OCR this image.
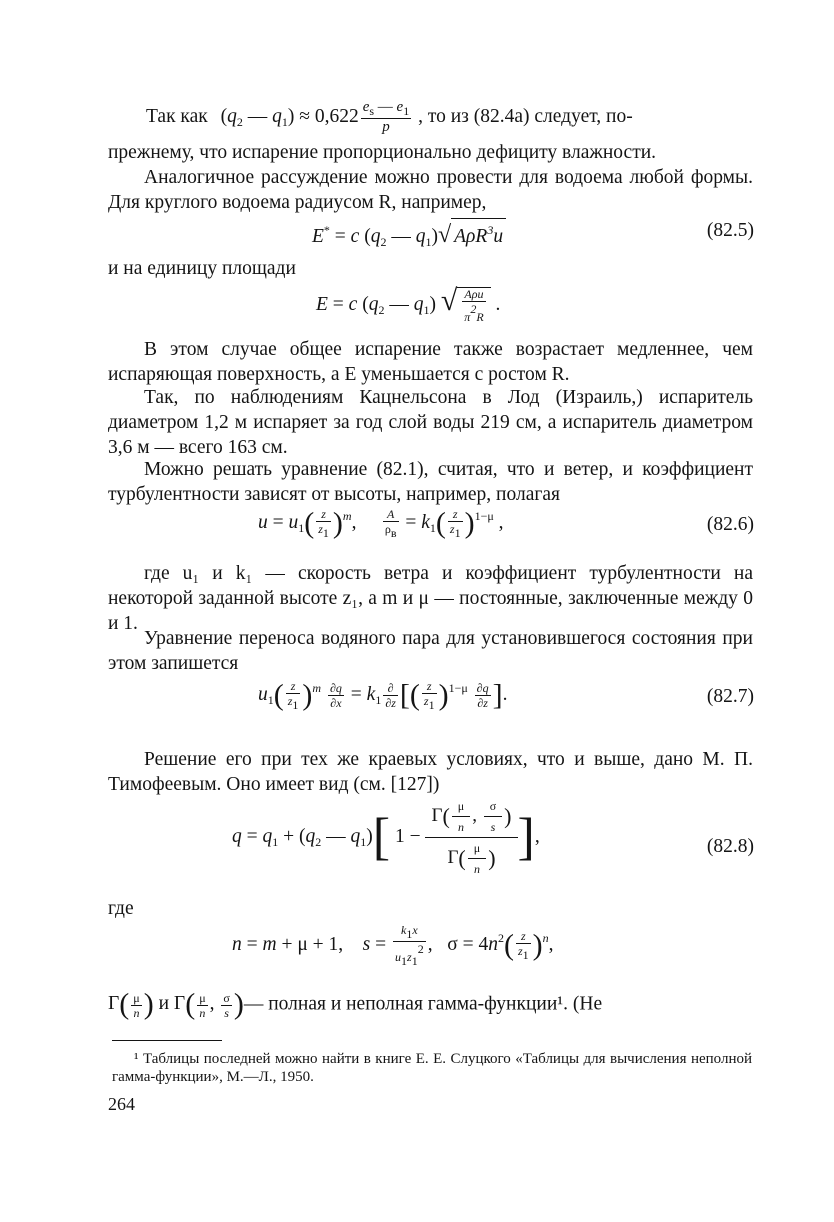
Так как ($q_2$ — $q_1) \approx 0,622 \frac{e_s — e_1}{p}$ , то из (82.4а) следует, по-
прежнему, что испарение пропорционально дефициту влажности.

Аналогичное рассуждение можно провести для водоема любой формы. Для круглого водоема радиусом R, например,

E* = c ($q_2$ — $q_1)√$ AρR$^3$u	(82.5)
и на единицу площади
E = c ($q_2$ — $q_1$) √ $\frac{\text{Aρu}}{\pi 2R}$ .

В этом случае общее испарение также возрастает медленнее, чем испаряющая поверхность, а E уменьшается с ростом R.

Так, по наблюдениям Кацнельсона в Лод (Израиль,) испаритель диаметром 1,2 м испаряет за год слой воды 219 см, а испаритель диаметром 3,6 м — всего 163 см.

Можно решать уравнение (82.1), считая, что и ветер, и коэффициент турбулентности зависят от высоты, например, полагая

$u = u_1( \frac{z}{z1} )^m$, $\frac{A}{\rho в} = k_1( \frac{z}{z1} )^{1-\mu}$ ,	(82.6)

где u₁ и k₁ — скорость ветра и коэффициент турбулентности на некоторой заданной высоте z₁, а m и μ — постоянные, заключенные между 0 и 1.

Уравнение переноса водяного пара для установившегося состояния при этом запишется

$u_1( \frac{z}{z1} )^m \frac{\partial q}{\partial x} = k_1 \frac{\partial}{\partial z}$ [( $\frac{z}{z1} )^{1-\mu} \frac{\partial q}{\partial z}$ ].	(82.7)

Решение его при тех же краевых условиях, что и выше, дано М. П. Тимофеевым. Оно имеет вид (см. [127])

$q = q_1 + (q_2$ — $q_1$)[ $1 - \frac{\Gamma( \frac{\mu}{n} , \frac{\sigma}{s} )}{\Gamma( \frac{\mu}{n} )}$ ],	(82.8)
где
n = m + μ + 1,    $s = \frac{k1x}{u1z12}$ ,   $\sigma = 4n^2( \frac{z}{z1} )^n$,
$\Gamma( \frac{\mu}{n}$ ) и $\Gamma( \frac{\mu}{n}$ , $\frac{\sigma}{s}$ )— полная и неполная гамма-функции¹. (Не
¹ Таблицы последней можно найти в книге Е. Е. Слуцкого «Таблицы для вычисления неполной гамма-функции», М.—Л., 1950.
264
